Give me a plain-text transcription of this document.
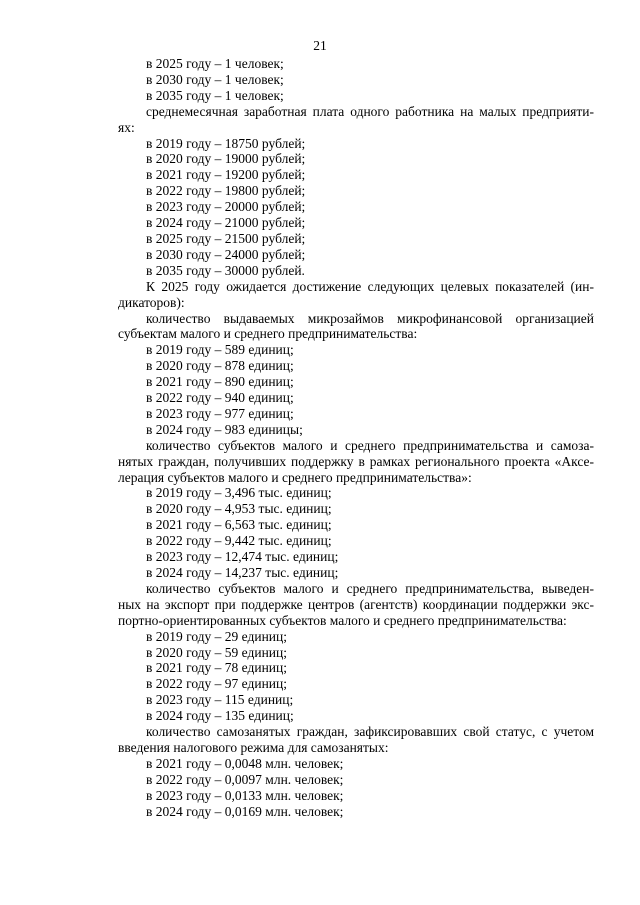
21

в 2025 году – 1 человек;

в 2030 году – 1 человек;

в 2035 году – 1 человек;

среднемесячная заработная плата одного работника на малых предприяти-

ях:

в 2019 году – 18750 рублей;

в 2020 году – 19000 рублей;

в 2021 году – 19200 рублей;

в 2022 году – 19800 рублей;

в 2023 году – 20000 рублей;

в 2024 году – 21000 рублей;

в 2025 году – 21500 рублей;

в 2030 году – 24000 рублей;

в 2035 году – 30000 рублей.

К 2025 году ожидается достижение следующих целевых показателей (ин-

дикаторов):

количество выдаваемых микрозаймов микрофинансовой организацией

субъектам малого и среднего предпринимательства:

в 2019 году – 589 единиц;

в 2020 году – 878 единиц;

в 2021 году – 890 единиц;

в 2022 году – 940 единиц;

в 2023 году – 977 единиц;

в 2024 году – 983 единицы;

количество субъектов малого и среднего предпринимательства и самоза-

нятых граждан, получивших поддержку в рамках регионального проекта «Аксе-

лерация субъектов малого и среднего предпринимательства»:

в 2019 году – 3,496 тыс. единиц;

в 2020 году – 4,953 тыс. единиц;

в 2021 году – 6,563 тыс. единиц;

в 2022 году – 9,442 тыс. единиц;

в 2023 году – 12,474 тыс. единиц;

в 2024 году – 14,237 тыс. единиц;

количество субъектов малого и среднего предпринимательства, выведен-

ных на экспорт при поддержке центров (агентств) координации поддержки экс-

портно-ориентированных субъектов малого и среднего предпринимательства:

в 2019 году – 29 единиц;

в 2020 году – 59 единиц;

в 2021 году – 78 единиц;

в 2022 году – 97 единиц;

в 2023 году – 115 единиц;

в 2024 году – 135 единиц;

количество самозанятых граждан, зафиксировавших свой статус, с учетом

введения налогового режима для самозанятых:

в 2021 году – 0,0048 млн. человек;

в 2022 году – 0,0097 млн. человек;

в 2023 году – 0,0133 млн. человек;

в 2024 году – 0,0169 млн. человек;
